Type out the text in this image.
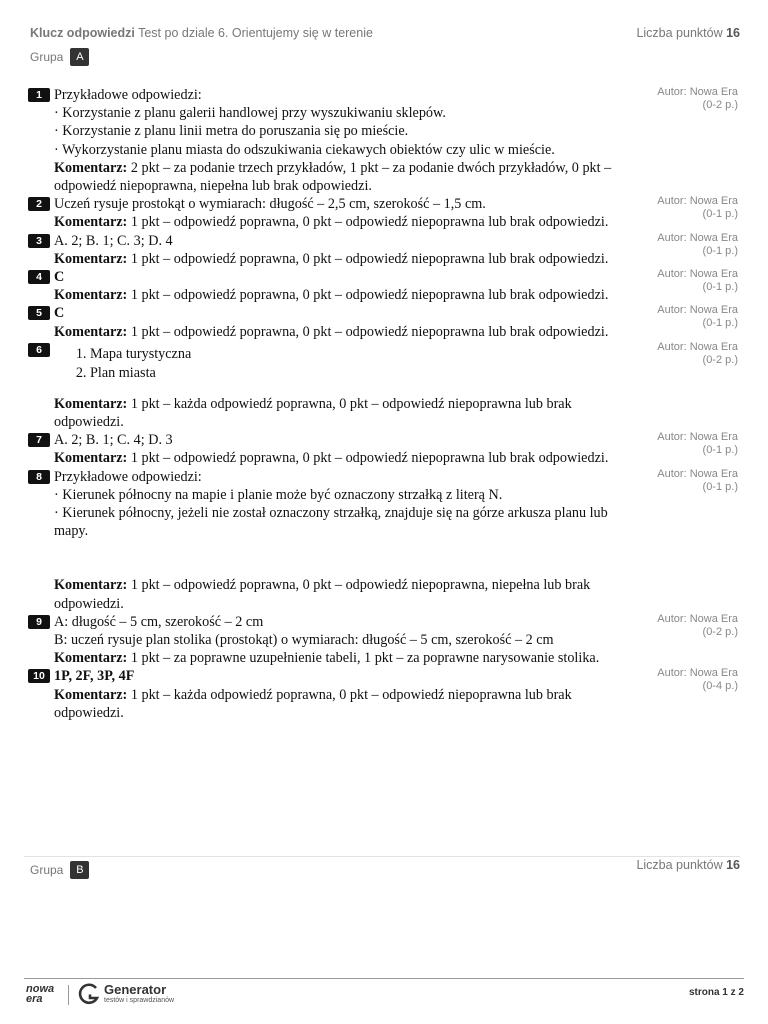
Klucz odpowiedzi Test po dziale 6. Orientujemy się w terenie	Liczba punktów 16
Grupa	A
Autor: Nowa Era
(0-2 p.)
1 Przykładowe odpowiedzi:
· Korzystanie z planu galerii handlowej przy wyszukiwaniu sklepów.
· Korzystanie z planu linii metra do poruszania się po mieście.
· Wykorzystanie planu miasta do odszukiwania ciekawych obiektów czy ulic w mieście.
Komentarz: 2 pkt – za podanie trzech przykładów, 1 pkt – za podanie dwóch przykładów, 0 pkt – odpowiedź niepoprawna, niepełna lub brak odpowiedzi.
Autor: Nowa Era
(0-1 p.)
2 Uczeń rysuje prostokąt o wymiarach: długość – 2,5 cm, szerokość – 1,5 cm.
Komentarz: 1 pkt – odpowiedź poprawna, 0 pkt – odpowiedź niepoprawna lub brak odpowiedzi.
Autor: Nowa Era
(0-1 p.)
3 A. 2; B. 1; C. 3; D. 4
Komentarz: 1 pkt – odpowiedź poprawna, 0 pkt – odpowiedź niepoprawna lub brak odpowiedzi.
Autor: Nowa Era
(0-1 p.)
4 C
Komentarz: 1 pkt – odpowiedź poprawna, 0 pkt – odpowiedź niepoprawna lub brak odpowiedzi.
Autor: Nowa Era
(0-1 p.)
5 C
Komentarz: 1 pkt – odpowiedź poprawna, 0 pkt – odpowiedź niepoprawna lub brak odpowiedzi.
Autor: Nowa Era
(0-2 p.)
6
1.	Mapa turystyczna
2. Plan miasta
Komentarz: 1 pkt – każda odpowiedź poprawna, 0 pkt – odpowiedź niepoprawna lub brak odpowiedzi.
Autor: Nowa Era
(0-1 p.)
7 A. 2; B. 1; C. 4; D. 3
Komentarz: 1 pkt – odpowiedź poprawna, 0 pkt – odpowiedź niepoprawna lub brak odpowiedzi.
Autor: Nowa Era
(0-1 p.)
8 Przykładowe odpowiedzi:
· Kierunek północny na mapie i planie może być oznaczony strzałką z literą N.
· Kierunek północny, jeżeli nie został oznaczony strzałką, znajduje się na górze arkusza planu lub mapy.
Komentarz: 1 pkt – odpowiedź poprawna, 0 pkt – odpowiedź niepoprawna, niepełna lub brak odpowiedzi.
Autor: Nowa Era
(0-2 p.)
9 A: długość – 5 cm, szerokość – 2 cm
B: uczeń rysuje plan stolika (prostokąt) o wymiarach: długość – 5 cm, szerokość – 2 cm
Komentarz: 1 pkt – za poprawne uzupełnienie tabeli, 1 pkt – za poprawne narysowanie stolika.
Autor: Nowa Era
(0-4 p.)
10 1P, 2F, 3P, 4F
Komentarz: 1 pkt – każda odpowiedź poprawna, 0 pkt – odpowiedź niepoprawna lub brak odpowiedzi.
Grupa	B	Liczba punktów 16
nowa
era
Generator
testów i sprawdzianów
strona 1 z 2
